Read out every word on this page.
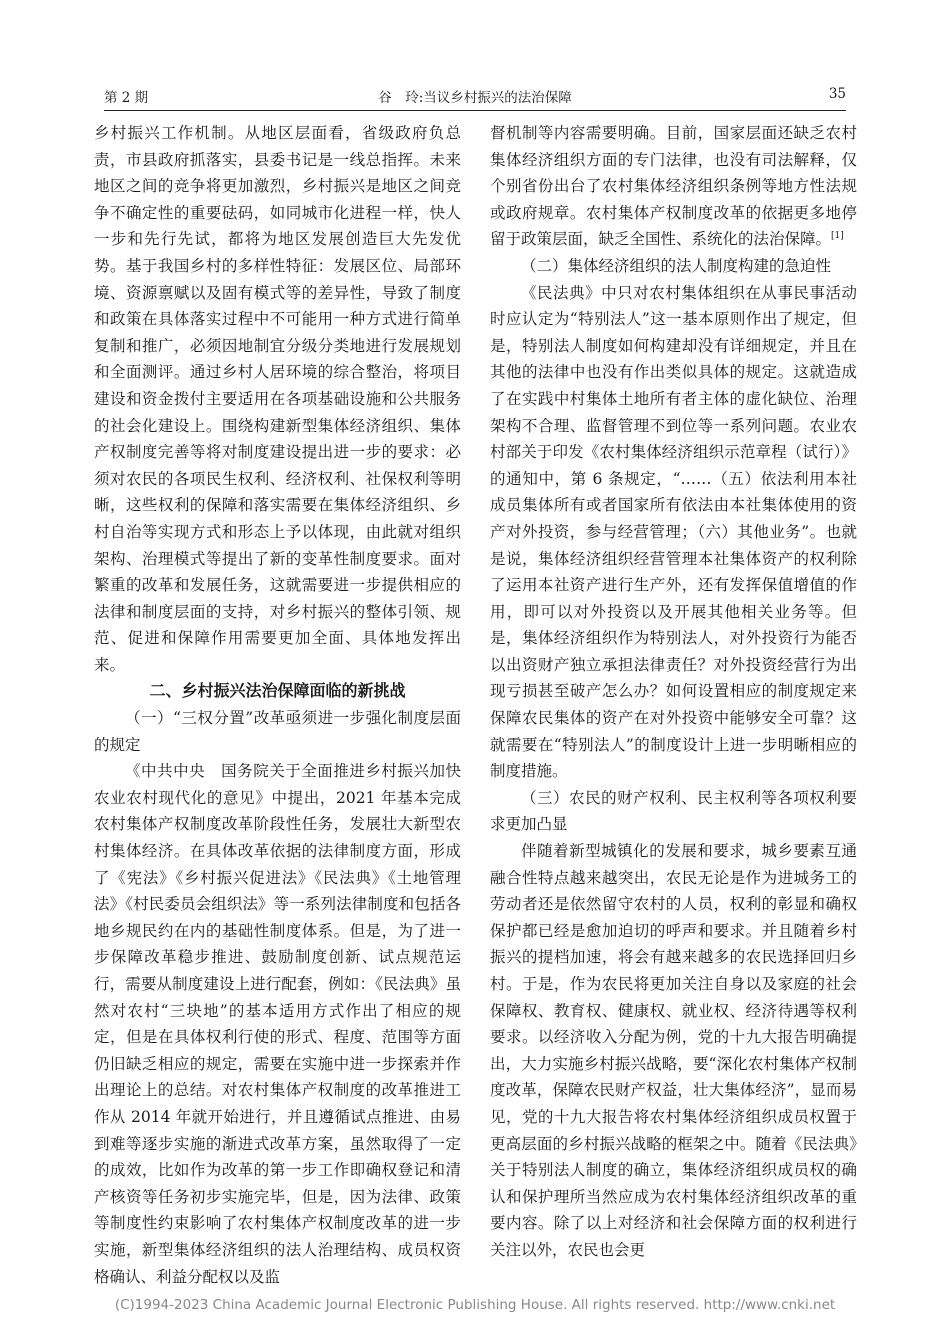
第 2 期	谷　玲:当议乡村振兴的法治保障	35

乡村振兴工作机制。从地区层面看，省级政府负总责，市县政府抓落实，县委书记是一线总指挥。未来地区之间的竞争将更加激烈，乡村振兴是地区之间竞争不确定性的重要砝码，如同城市化进程一样，快人一步和先行先试，都将为地区发展创造巨大先发优势。基于我国乡村的多样性特征：发展区位、局部环境、资源禀赋以及固有模式等的差异性，导致了制度和政策在具体落实过程中不可能用一种方式进行简单复制和推广，必须因地制宜分级分类地进行发展规划和全面测评。通过乡村人居环境的综合整治，将项目建设和资金拨付主要适用在各项基础设施和公共服务的社会化建设上。围绕构建新型集体经济组织、集体产权制度完善等将对制度建设提出进一步的要求：必须对农民的各项民生权利、经济权利、社保权利等明晰，这些权利的保障和落实需要在集体经济组织、乡村自治等实现方式和形态上予以体现，由此就对组织架构、治理模式等提出了新的变革性制度要求。面对繁重的改革和发展任务，这就需要进一步提供相应的法律和制度层面的支持，对乡村振兴的整体引领、规范、促进和保障作用需要更加全面、具体地发挥出来。

二、乡村振兴法治保障面临的新挑战

（一）“三权分置”改革亟须进一步强化制度层面的规定

《中共中央　国务院关于全面推进乡村振兴加快农业农村现代化的意见》中提出，2021 年基本完成农村集体产权制度改革阶段性任务，发展壮大新型农村集体经济。在具体改革依据的法律制度方面，形成了《宪法》《乡村振兴促进法》《民法典》《土地管理法》《村民委员会组织法》等一系列法律制度和包括各地乡规民约在内的基础性制度体系。但是，为了进一步保障改革稳步推进、鼓励制度创新、试点规范运行，需要从制度建设上进行配套，例如：《民法典》虽然对农村“三块地”的基本适用方式作出了相应的规定，但是在具体权利行使的形式、程度、范围等方面仍旧缺乏相应的规定，需要在实施中进一步探索并作出理论上的总结。对农村集体产权制度的改革推进工作从 2014 年就开始进行，并且遵循试点推进、由易到难等逐步实施的渐进式改革方案，虽然取得了一定的成效，比如作为改革的第一步工作即确权登记和清产核资等任务初步实施完毕，但是，因为法律、政策等制度性约束影响了农村集体产权制度改革的进一步实施，新型集体经济组织的法人治理结构、成员权资格确认、利益分配权以及监

督机制等内容需要明确。目前，国家层面还缺乏农村集体经济组织方面的专门法律，也没有司法解释，仅个别省份出台了农村集体经济组织条例等地方性法规或政府规章。农村集体产权制度改革的依据更多地停留于政策层面，缺乏全国性、系统化的法治保障。[1]

（二）集体经济组织的法人制度构建的急迫性

《民法典》中只对农村集体组织在从事民事活动时应认定为“特别法人”这一基本原则作出了规定，但是，特别法人制度如何构建却没有详细规定，并且在其他的法律中也没有作出类似具体的规定。这就造成了在实践中村集体土地所有者主体的虚化缺位、治理架构不合理、监督管理不到位等一系列问题。农业农村部关于印发《农村集体经济组织示范章程（试行）》的通知中，第 6 条规定，“……（五）依法利用本社成员集体所有或者国家所有依法由本社集体使用的资产对外投资，参与经营管理；（六）其他业务”。也就是说，集体经济组织经营管理本社集体资产的权利除了运用本社资产进行生产外，还有发挥保值增值的作用，即可以对外投资以及开展其他相关业务等。但是，集体经济组织作为特别法人，对外投资行为能否以出资财产独立承担法律责任？对外投资经营行为出现亏损甚至破产怎么办？如何设置相应的制度规定来保障农民集体的资产在对外投资中能够安全可靠？这就需要在“特别法人”的制度设计上进一步明晰相应的制度措施。

（三）农民的财产权利、民主权利等各项权利要求更加凸显

伴随着新型城镇化的发展和要求，城乡要素互通融合性特点越来越突出，农民无论是作为进城务工的劳动者还是依然留守农村的人员，权利的彰显和确权保护都已经是愈加迫切的呼声和要求。并且随着乡村振兴的提档加速，将会有越来越多的农民选择回归乡村。于是，作为农民将更加关注自身以及家庭的社会保障权、教育权、健康权、就业权、经济待遇等权利要求。以经济收入分配为例，党的十九大报告明确提出，大力实施乡村振兴战略，要“深化农村集体产权制度改革，保障农民财产权益，壮大集体经济”，显而易见，党的十九大报告将农村集体经济组织成员权置于更高层面的乡村振兴战略的框架之中。随着《民法典》关于特别法人制度的确立，集体经济组织成员权的确认和保护理所当然应成为农村集体经济组织改革的重要内容。除了以上对经济和社会保障方面的权利进行关注以外，农民也会更

(C)1994-2023 China Academic Journal Electronic Publishing House. All rights reserved. http://www.cnki.net
